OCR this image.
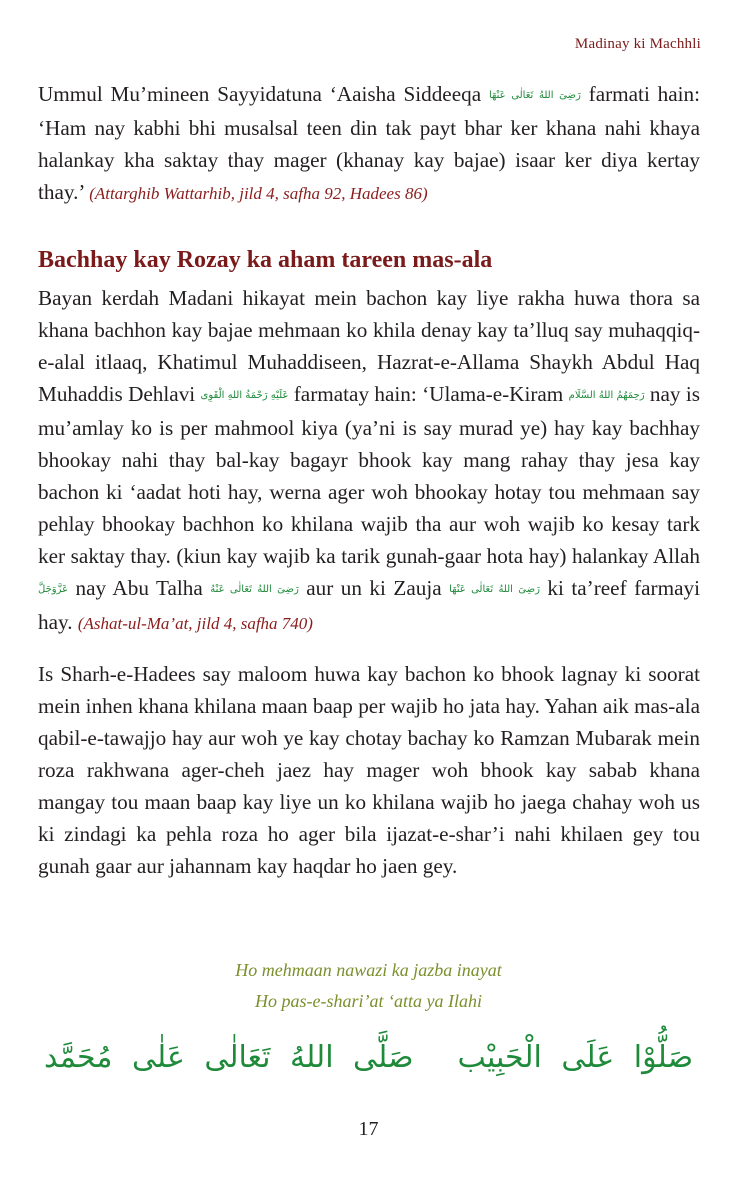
Madinay ki Machhli

Ummul Mu’mineen Sayyidatuna ‘Aaisha Siddeeqa رَضِیَ اللهُ تَعَالٰی عَنْهَا farmati hain: ‘Ham nay kabhi bhi musalsal teen din tak payt bhar ker khana nahi khaya halankay kha saktay thay mager (khanay kay bajae) isaar ker diya kertay thay.’ (Attarghib Wattarhib, jild 4, safha 92, Hadees 86)

Bachhay kay Rozay ka aham tareen mas-ala

Bayan kerdah Madani hikayat mein bachon kay liye rakha huwa thora sa khana bachhon kay bajae mehmaan ko khila denay kay ta’lluq say muhaqqiq-e-alal itlaaq, Khatimul Muhaddiseen, Hazrat-e-Allama Shaykh Abdul Haq Muhaddis Dehlavi عَلَیْهِ رَحْمَةُ اللهِ الْقَوِی farmatay hain: ‘Ulama-e-Kiram رَحِمَهُمُ اللهُ السَّلَام nay is mu’amlay ko is per mahmool kiya (ya’ni is say murad ye) hay kay bachhay bhookay nahi thay bal-kay bagayr bhook kay mang rahay thay jesa kay bachon ki ‘aadat hoti hay, werna ager woh bhookay hotay tou mehmaan say pehlay bhookay bachhon ko khilana wajib tha aur woh wajib ko kesay tark ker saktay thay. (kiun kay wajib ka tarik gunah-gaar hota hay) halankay Allah عَزَّوَجَلَّ nay Abu Talha رَضِیَ اللهُ تَعَالٰی عَنْهُ aur un ki Zauja رَضِیَ اللهُ تَعَالٰی عَنْهَا ki ta’reef farmayi hay. (Ashat-ul-Ma’at, jild 4, safha 740)

Is Sharh-e-Hadees say maloom huwa kay bachon ko bhook lagnay ki soorat mein inhen khana khilana maan baap per wajib ho jata hay. Yahan aik mas-ala qabil-e-tawajjo hay aur woh ye kay chotay bachay ko Ramzan Mubarak mein roza rakhwana ager-cheh jaez hay mager woh bhook kay sabab khana mangay tou maan baap kay liye un ko khilana wajib ho jaega chahay woh us ki zindagi ka pehla roza ho ager bila ijazat-e-shar’i nahi khilaen gey tou gunah gaar aur jahannam kay haqdar ho jaen gey.

Ho mehmaan nawazi ka jazba inayat
Ho pas-e-shari’at ‘atta ya Ilahi
صَلُّوْا عَلَی الْحَبِیْبصَلَّی اللهُ تَعَالٰی عَلٰی مُحَمَّد
17
